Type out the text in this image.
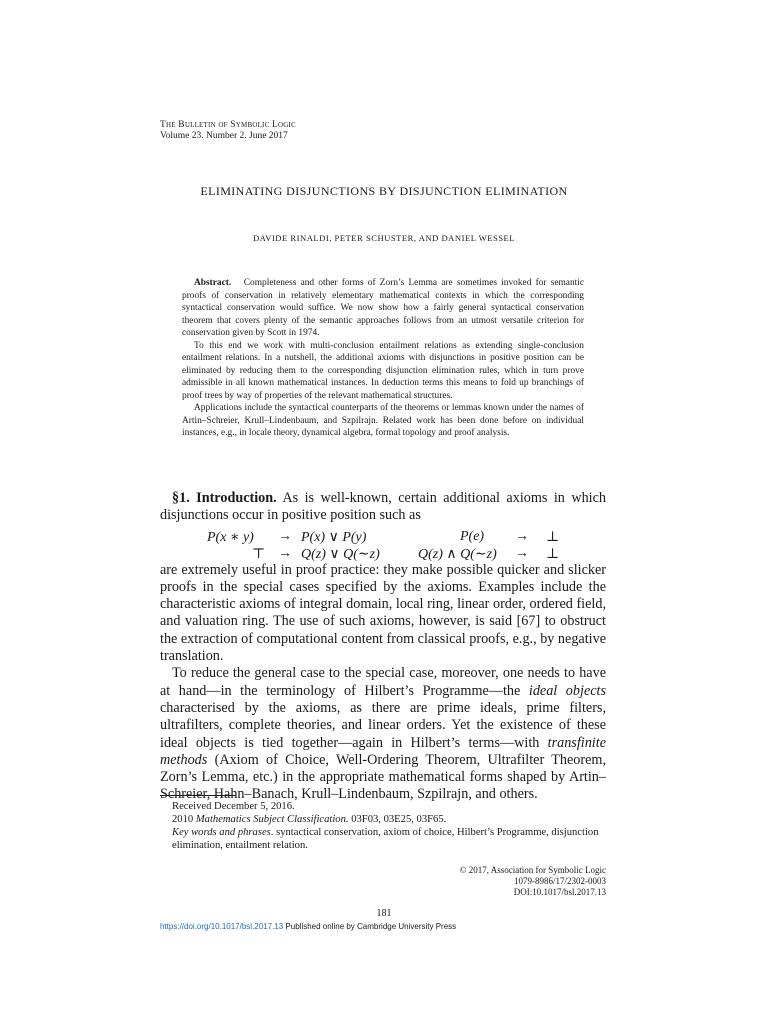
The Bulletin of Symbolic Logic
Volume 23. Number 2. June 2017
ELIMINATING DISJUNCTIONS BY DISJUNCTION ELIMINATION
DAVIDE RINALDI, PETER SCHUSTER, AND DANIEL WESSEL

Abstract. Completeness and other forms of Zorn’s Lemma are sometimes invoked for semantic proofs of conservation in relatively elementary mathematical contexts in which the corresponding syntactical conservation would suffice. We now show how a fairly general syntactical conservation theorem that covers plenty of the semantic approaches follows from an utmost versatile criterion for conservation given by Scott in 1974.

To this end we work with multi-conclusion entailment relations as extending single-conclusion entailment relations. In a nutshell, the additional axioms with disjunctions in positive position can be eliminated by reducing them to the corresponding disjunction elimination rules, which in turn prove admissible in all known mathematical instances. In deduction terms this means to fold up branchings of proof trees by way of properties of the relevant mathematical structures.

Applications include the syntactical counterparts of the theorems or lemmas known under the names of Artin–Schreier, Krull–Lindenbaum, and Szpilrajn. Related work has been done before on individual instances, e.g., in locale theory, dynamical algebra, formal topology and proof analysis.

§1. Introduction. As is well-known, certain additional axioms in which disjunctions occur in positive position such as

are extremely useful in proof practice: they make possible quicker and slicker proofs in the special cases specified by the axioms. Examples include the characteristic axioms of integral domain, local ring, linear order, ordered field, and valuation ring. The use of such axioms, however, is said [67] to obstruct the extraction of computational content from classical proofs, e.g., by negative translation.

To reduce the general case to the special case, moreover, one needs to have at hand—in the terminology of Hilbert’s Programme—the ideal objects characterised by the axioms, as there are prime ideals, prime filters, ultrafilters, complete theories, and linear orders. Yet the existence of these ideal objects is tied together—again in Hilbert’s terms—with transfinite methods (Axiom of Choice, Well-Ordering Theorem, Ultrafilter Theorem, Zorn’s Lemma, etc.) in the appropriate mathematical forms shaped by Artin–Schreier, Hahn–Banach, Krull–Lindenbaum, Szpilrajn, and others.

P(x ∗ y) → P(x) ∨ P(y)	P(e) → ⊥
⊤ → Q(z) ∨ Q(∼z)	Q(z) ∧ Q(∼z) → ⊥

Received December 5, 2016.

2010 Mathematics Subject Classification. 03F03, 03E25, 03F65.

Key words and phrases. syntactical conservation, axiom of choice, Hilbert’s Programme, disjunction elimination, entailment relation.

© 2017, Association for Symbolic Logic
1079-8986/17/2302-0003
DOI:10.1017/bsl.2017.13
181
https://doi.org/10.1017/bsl.2017.13 Published online by Cambridge University Press
